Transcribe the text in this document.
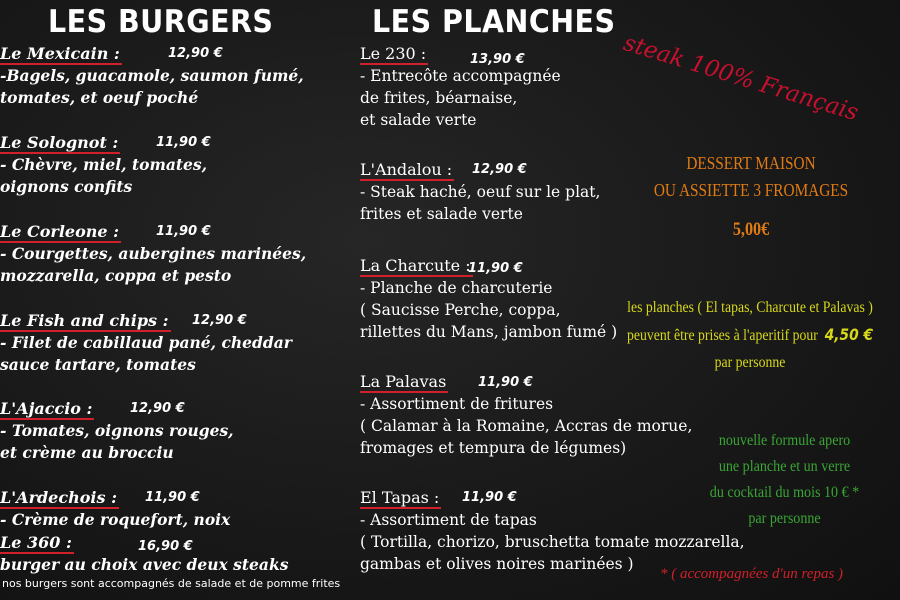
LES BURGERS	LES PLANCHES
Le Mexicain :	12,90 €
-Bagels, guacamole, saumon fumé,
tomates, et oeuf poché
Le Solognot :	11,90 €
- Chèvre, miel, tomates,
oignons confits
Le Corleone :	11,90 €
- Courgettes, aubergines marinées,
mozzarella, coppa et pesto
Le Fish and chips : 12,90 €
- Filet de cabillaud pané, cheddar
sauce tartare, tomates
L'Ajaccio :	12,90 €
- Tomates, oignons rouges,
et crème au brocciu
L'Ardechois : 11,90 €
- Crème de roquefort, noix
Le 360 :	16,90 €
burger au choix avec deux steaks
nos burgers sont accompagnés de salade et de pomme frites
Le 230 :	13,90 €
- Entrecôte accompagnée
de frites, béarnaise,
et salade verte
L'Andalou : 12,90 €
- Steak haché, oeuf sur le plat,
frites et salade verte
La Charcute :
11,90 €
- Planche de charcuterie
( Saucisse Perche, coppa,
rillettes du Mans, jambon fumé )
La Palavas 11,90 €
- Assortiment de fritures
( Calamar à la Romaine, Accras de morue,
fromages et tempura de légumes)
El Tapas : 11,90 €
- Assortiment de tapas
( Tortilla, chorizo, bruschetta tomate mozzarella,
gambas et olives noires marinées )
steak 100% Français
DESSERT MAISON
OU ASSIETTE 3 FROMAGES
5,00€
les planches ( El tapas, Charcute et Palavas )
peuvent être prises à l'aperitif pour 4,50 €
par personne
nouvelle formule apero
une planche et un verre
du cocktail du mois 10 € *
par personne
* ( accompagnées d'un repas )
